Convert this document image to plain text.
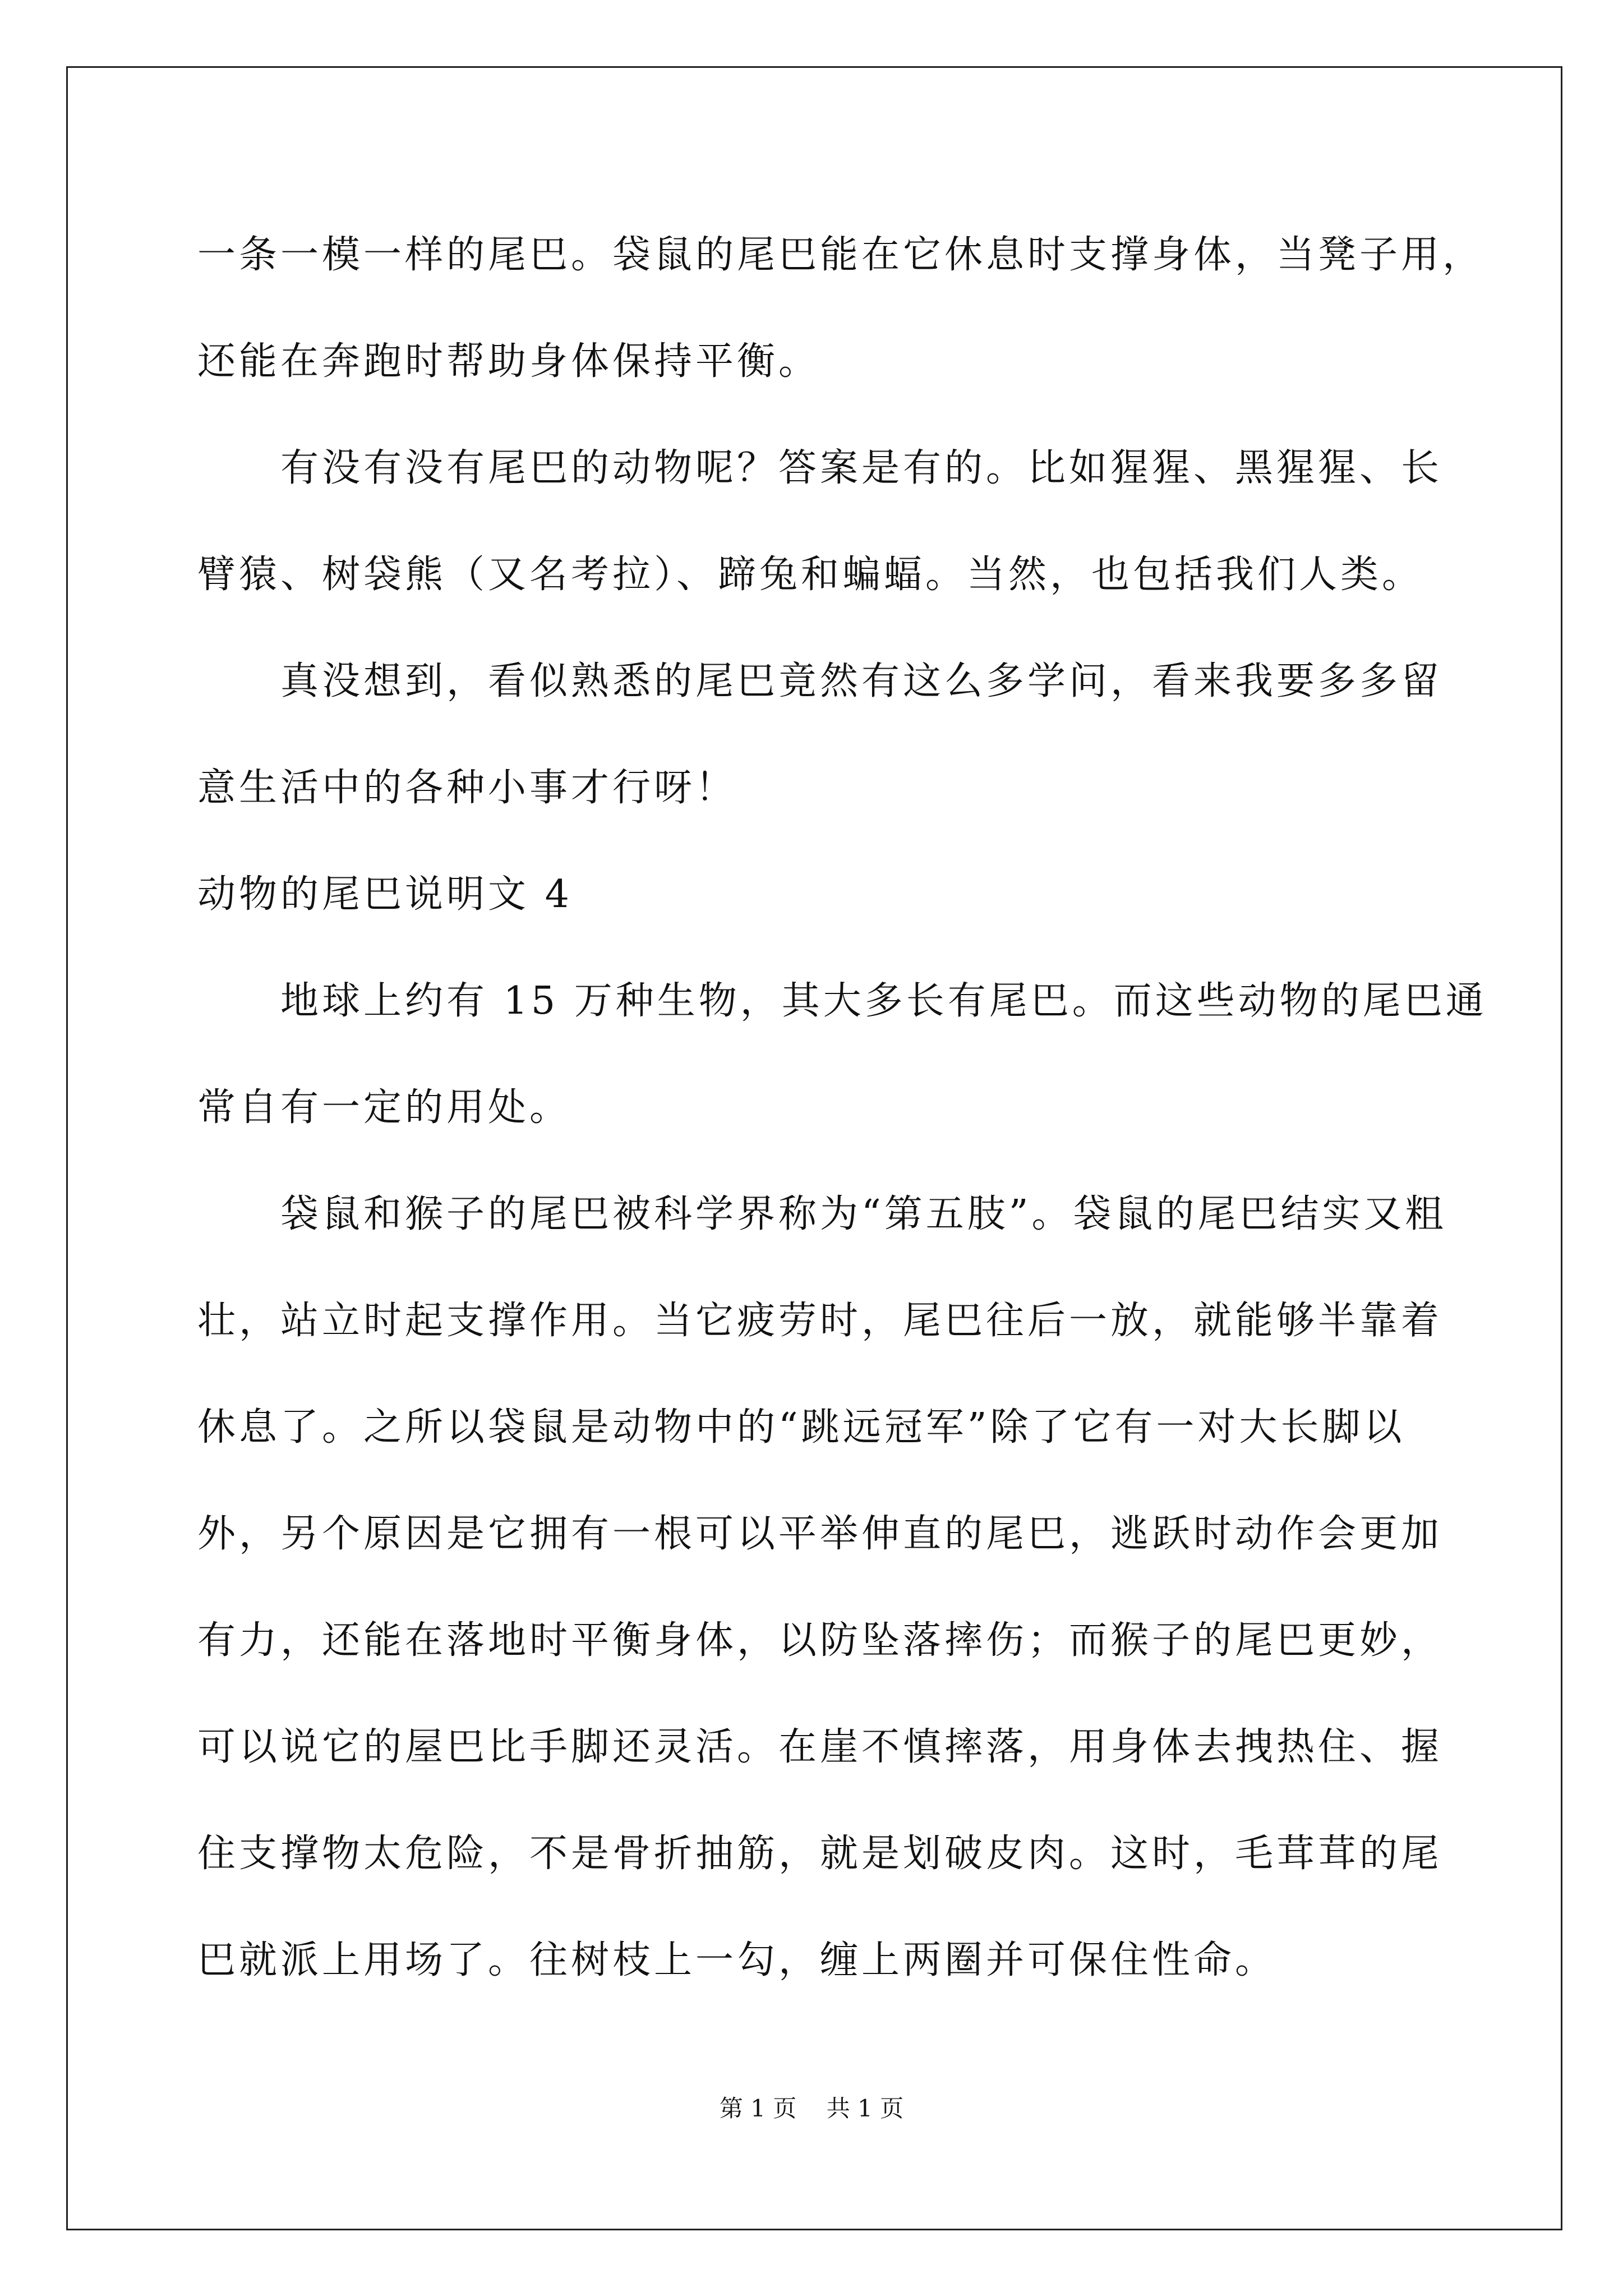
一条一模一样的尾巴。袋鼠的尾巴能在它休息时支撑身体，当凳子用，
还能在奔跑时帮助身体保持平衡。
有没有没有尾巴的动物呢？答案是有的。比如猩猩、黑猩猩、长
臂猿、树袋熊（又名考拉）、蹄兔和蝙蝠。当然，也包括我们人类。
真没想到，看似熟悉的尾巴竟然有这么多学问，看来我要多多留
意生活中的各种小事才行呀！
动物的尾巴说明文 4
地球上约有 15 万种生物，其大多长有尾巴。而这些动物的尾巴通
常自有一定的用处。
袋鼠和猴子的尾巴被科学界称为“第五肢”。袋鼠的尾巴结实又粗
壮，站立时起支撑作用。当它疲劳时，尾巴往后一放，就能够半靠着
休息了。之所以袋鼠是动物中的“跳远冠军”除了它有一对大长脚以
外，另个原因是它拥有一根可以平举伸直的尾巴，逃跃时动作会更加
有力，还能在落地时平衡身体，以防坠落摔伤；而猴子的尾巴更妙，
可以说它的屋巴比手脚还灵活。在崖不慎摔落，用身体去拽热住、握
住支撑物太危险，不是骨折抽筋，就是划破皮肉。这时，毛茸茸的尾
巴就派上用场了。往树枝上一勾，缠上两圈并可保住性命。
第 1 页    共 1 页
